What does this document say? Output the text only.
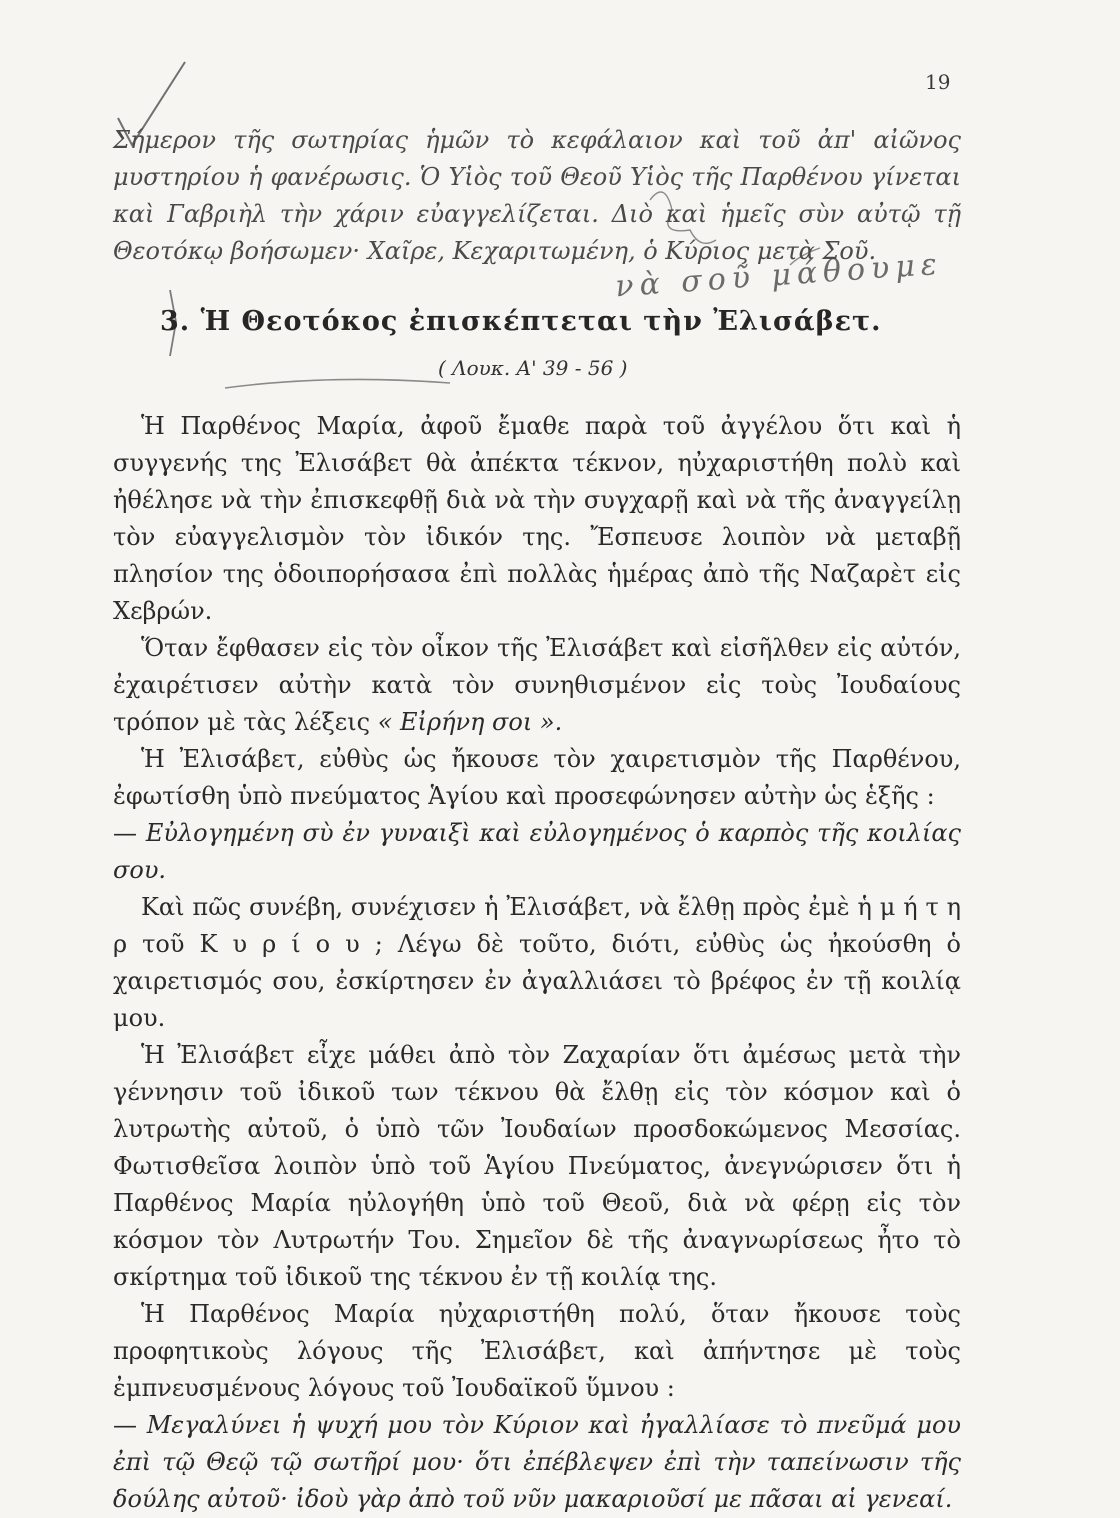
19
νὰ σοῦ μάθουμε

Σήμερον τῆς σωτηρίας ἡμῶν τὸ κεφάλαιον καὶ τοῦ ἀπ' αἰῶνος μυστηρίου ἡ φανέρωσις. Ὁ Υἱὸς τοῦ Θεοῦ Υἱὸς τῆς Παρθένου γίνεται καὶ Γαβριὴλ τὴν χάριν εὐαγγελίζεται. Διὸ καὶ ἡμεῖς σὺν αὐτῷ τῇ Θεοτόκῳ βοήσωμεν· Χαῖρε, Κεχαριτωμένη, ὁ Κύριος μετὰ Σοῦ.

3. Ἡ Θεοτόκος ἐπισκέπτεται τὴν Ἐλισάβετ.
( Λουκ. Α' 39 - 56 )

Ἡ Παρθένος Μαρία, ἀφοῦ ἔμαθε παρὰ τοῦ ἀγγέλου ὅτι καὶ ἡ συγγενής της Ἐλισάβετ θὰ ἀπέκτα τέκνον, ηὐχαριστήθη πολὺ καὶ ἠθέλησε νὰ τὴν ἐπισκεφθῇ διὰ νὰ τὴν συγχαρῇ καὶ νὰ τῆς ἀναγγείλῃ τὸν εὐαγγελισμὸν τὸν ἰδικόν της. Ἔσπευσε λοιπὸν νὰ μεταβῇ πλησίον της ὁδοιπορήσασα ἐπὶ πολλὰς ἡμέρας ἀπὸ τῆς Ναζαρὲτ εἰς Χεβρών.

Ὅταν ἔφθασεν εἰς τὸν οἶκον τῆς Ἐλισάβετ καὶ εἰσῆλθεν εἰς αὐτόν, ἐχαιρέτισεν αὐτὴν κατὰ τὸν συνηθισμένον εἰς τοὺς Ἰουδαίους τρόπον μὲ τὰς λέξεις « Εἰρήνη σοι ».

Ἡ Ἐλισάβετ, εὐθὺς ὡς ἤκουσε τὸν χαιρετισμὸν τῆς Παρθένου, ἐφωτίσθη ὑπὸ πνεύματος Ἁγίου καὶ προσεφώνησεν αὐτὴν ὡς ἑξῆς :

— Εὐλογημένη σὺ ἐν γυναιξὶ καὶ εὐλογημένος ὁ καρπὸς τῆς κοιλίας σου.

Καὶ πῶς συνέβη, συνέχισεν ἡ Ἐλισάβετ, νὰ ἔλθῃ πρὸς ἐμὲ ἡ μ ή τ η ρ τοῦ Κ υ ρ ί ο υ ; Λέγω δὲ τοῦτο, διότι, εὐθὺς ὡς ἠκούσθη ὁ χαιρετισμός σου, ἐσκίρτησεν ἐν ἀγαλλιάσει τὸ βρέφος ἐν τῇ κοιλίᾳ μου.

Ἡ Ἐλισάβετ εἶχε μάθει ἀπὸ τὸν Ζαχαρίαν ὅτι ἀμέσως μετὰ τὴν γέννησιν τοῦ ἰδικοῦ των τέκνου θὰ ἔλθῃ εἰς τὸν κόσμον καὶ ὁ λυτρωτὴς αὐτοῦ, ὁ ὑπὸ τῶν Ἰουδαίων προσδοκώμενος Μεσσίας. Φωτισθεῖσα λοιπὸν ὑπὸ τοῦ Ἁγίου Πνεύματος, ἀνεγνώρισεν ὅτι ἡ Παρθένος Μαρία ηὐλογήθη ὑπὸ τοῦ Θεοῦ, διὰ νὰ φέρῃ εἰς τὸν κόσμον τὸν Λυτρωτήν Του. Σημεῖον δὲ τῆς ἀναγνωρίσεως ἦτο τὸ σκίρτημα τοῦ ἰδικοῦ της τέκνου ἐν τῇ κοιλίᾳ της.

Ἡ Παρθένος Μαρία ηὐχαριστήθη πολύ, ὅταν ἤκουσε τοὺς προφητικοὺς λόγους τῆς Ἐλισάβετ, καὶ ἀπήντησε μὲ τοὺς ἐμπνευσμένους λόγους τοῦ Ἰουδαϊκοῦ ὕμνου :

— Μεγαλύνει ἡ ψυχή μου τὸν Κύριον καὶ ἠγαλλίασε τὸ πνεῦμά μου ἐπὶ τῷ Θεῷ τῷ σωτῆρί μου· ὅτι ἐπέβλεψεν ἐπὶ τὴν ταπείνωσιν τῆς δούλης αὐτοῦ· ἰδοὺ γὰρ ἀπὸ τοῦ νῦν μακαριοῦσί με πᾶσαι αἱ γενεαί.
